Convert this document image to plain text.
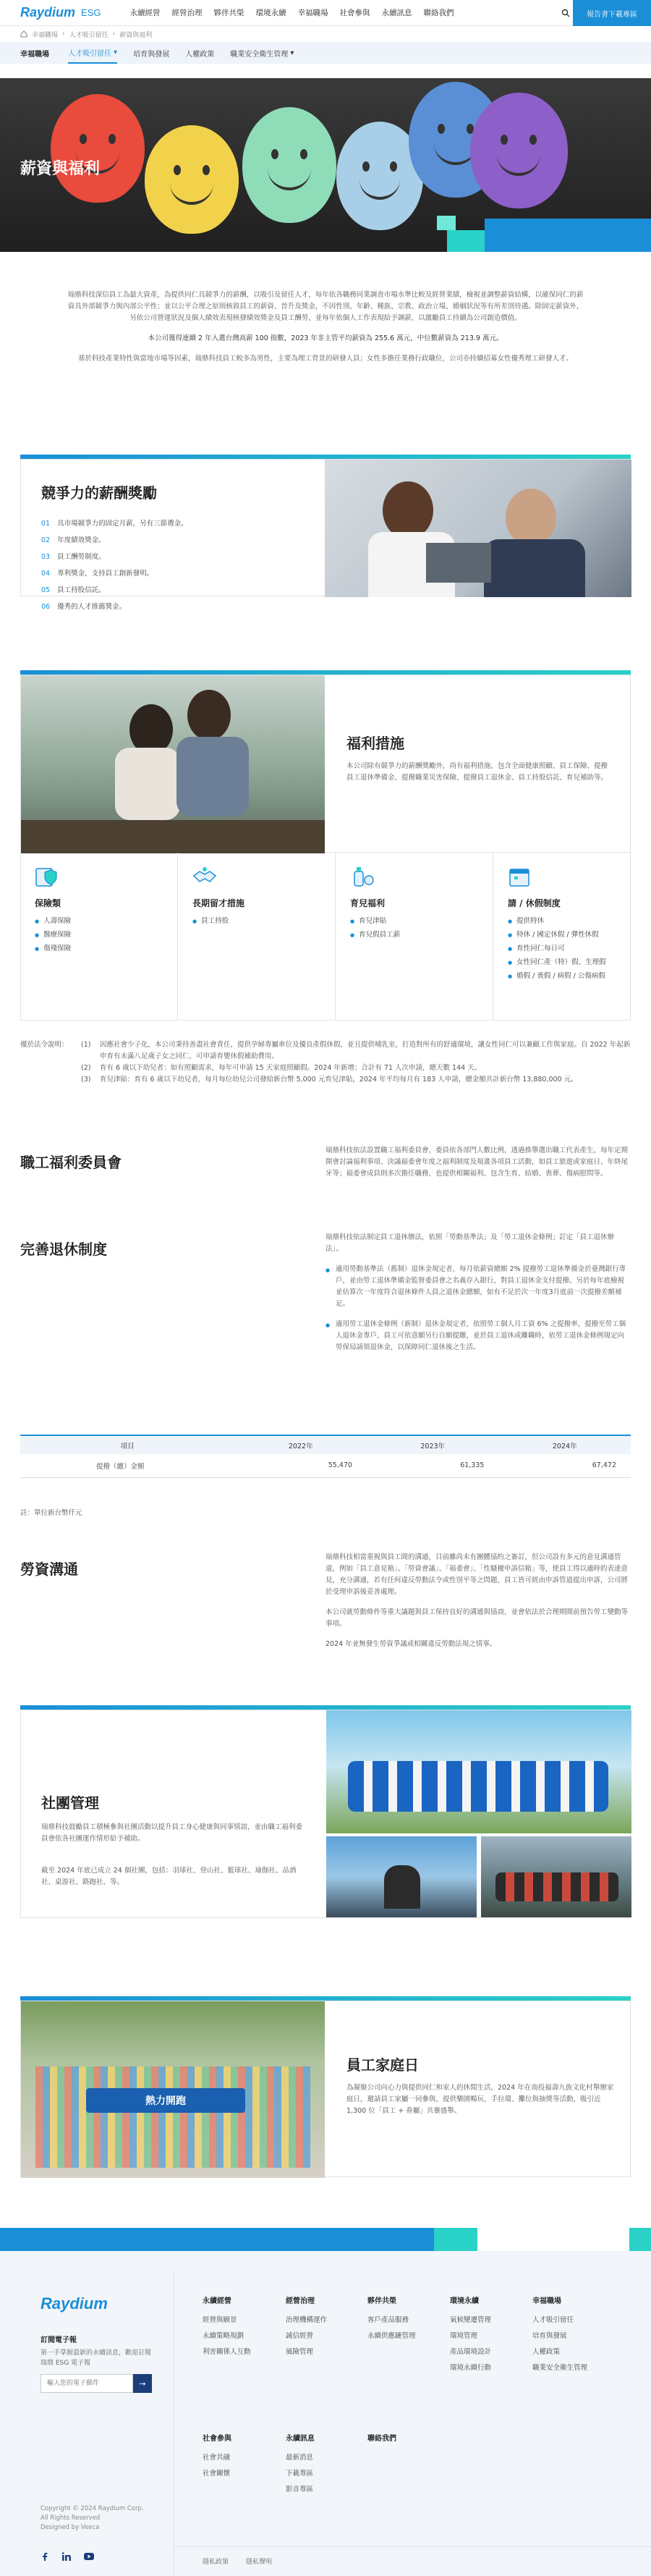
Raydium ESG	永續經營 經營治理 夥伴共榮 環境永續 幸福職場 社會參與 永續訊息 聯絡我們	報告書下載專區
幸福職場 › 人才吸引留任 › 薪資與福利
幸福職場	人才吸引留任 ▾ 培育與發展 人權政策 職業安全衛生管理 ▾
薪資與福利

瑞鼎科技深信員工為最大資產，為提供同仁具競爭力的薪酬，以吸引及留任人才，每年依各職務同業調查市場水準比較及經營業績，檢視並調整薪資結構，以確保同仁的薪資具外部競爭力與內部公平性；並以公平合理之原則核敘員工的薪資、晉升及獎金，不因性別、年齡、種族、宗教、政治立場、婚姻狀況等有所差別待遇。除固定薪資外，另依公司營運狀況及個人績效表現核發績效獎金及員工酬勞，並每年依個人工作表現給予調薪，以激勵員工持續為公司創造價值。

本公司獲得連續 2 年入選台灣高薪 100 指數，2023 年非主管平均薪資為 255.6 萬元，中位數薪資為 213.9 萬元。

基於科技產業特性與當地市場等因素，瑞鼎科技員工較多為男性，主要為理工背景的研發人員；女性多擔任業務行政職位，公司亦持續招募女性優秀理工研發人才。

競爭力的薪酬獎勵
01 具市場競爭力的固定月薪，另有三節禮金。
02 年度績效獎金。
03 員工酬勞制度。
04 專利獎金，支持員工創新發明。
05 員工持股信託。
06 優秀的人才推薦獎金。
福利措施

本公司除有競爭力的薪酬獎勵外，尚有福利措施，包含全面健康照顧、員工保險、提撥員工退休準備金、提撥職業災害保險、提撥員工退休金、員工持股信託、育兒補助等。

保險類
● 人壽保險
● 醫療保險
● 傷殘保險
長期留才措施
● 員工持股
育兒福利
● 育兒津貼
● 育兒假員工薪
請 / 休假制度
● 提供特休
● 特休 / 國定休假 / 彈性休假
● 育性同仁每日可
● 女性同仁產（特）假、生理假
● 婚假 / 喪假 / 病假 / 公傷病假
優於法令說明：	(1)	因應社會少子化，本公司秉持善盡社會責任，提供孕婦專屬車位及優良產假休假，並且提供哺乳室，打造對所有的舒適環境，讓女性同仁可以兼顧工作與家庭。自 2022 年起新申育有未滿八足歲子女之同仁，可申請育嬰休假補助費用。
(2)	育有 6 歲以下幼兒者：如有照顧需求，每年可申請 15 天家庭照顧假。2024 年新增；合計有 71 人次申請，總天數 144 天。
(3)	育兒津貼：育有 6 歲以下幼兒者，每月每位幼兒公司發給新台幣 5,000 元育兒津貼，2024 年平均每月有 183 人申請，總金額共計新台幣 13,880,000 元。
職工福利委員會

瑞鼎科技依法設置職工福利委員會，委員依各部門人數比例，透過推舉選出職工代表產生，每年定期開會討論福利事項、決議福委會年度之福利制度及規畫各項員工活動，如員工旅遊或家庭日、年終尾牙等；福委會成員則多次擔任職務，也提供相關福利、包含生育、結婚、喪葬、傷病慰問等。

完善退休制度

瑞鼎科技依法制定員工退休辦法，依照「勞動基準法」及「勞工退休金條例」訂定「員工退休辦法」。

● 適用勞動基準法（舊制）退休金規定者，每月依薪資總額 2% 提撥勞工退休準備金於臺灣銀行專戶，並由勞工退休準備金監督委員會之名義存入銀行，對員工退休金支付提撥。另於每年底檢視並估算次一年度符合退休條件人員之退休金總額，如有不足於次一年度3月底前一次提撥差額補足。

● 適用勞工退休金條例（新制）退休金規定者，依照勞工個人月工資 6% 之提撥率，提撥至勞工個人退休金專戶，員工可依意願另行自願提繳，並於員工退休或離職時，依勞工退休金條例規定向勞保局請領退休金，以保障同仁退休後之生活。

項目	2022年	2023年	2024年
提撥（繳）金額	55,470	61,335	67,472

註：單位新台幣仟元

勞資溝通

瑞鼎科技相當重視與員工間的溝通，目前雖尚未有團體協約之簽訂，但公司設有多元的意見溝通管道，例如「員工意見箱」、「勞資會議」、「福委會」、「性騷擾申訴信箱」等，使員工得以適時的表達意見，充分溝通，若有任何違反勞動法令或性別平等之問題，員工皆可經由申訴管道提出申訴，公司將於受理申訴後妥善處理。

本公司就勞動條件等重大議題與員工保持良好的溝通與協商，並會依法於合理期間前預告勞工變動等事項。

2024 年並無發生勞資爭議或相關違反勞動法規之情事。

社團管理

瑞鼎科技鼓勵員工積極參與社團活動以提升員工身心健康與同事情誼，並由職工福利委員會依各社團運作情形給予補助。

截至 2024 年底已成立 24 個社團，包括：羽球社、登山社、籃球社、瑜伽社、品酒社、桌游社、路跑社、等。

熱力開跑
員工家庭日

為凝聚公司向心力與提供同仁和家人的休閒生活，2024 年在南投福壽九族文化村舉辦家庭日，邀請員工家屬一同參與，提供樂園暢玩、手拉環、攤位與抽獎等活動，吸引近 1,300 位「員工 + 眷屬」共襄盛舉。

Raydium
訂閱電子報
第一手掌握最新的永續訊息，歡迎訂閱瑞鼎 ESG 電子報
輸入您的電子郵件
→
永續經營
經營與願景
永續策略規劃
利害關係人互動
經營治理
治理機構運作
誠信經營
風險管理
夥伴共榮
客戶產品服務
永續供應鏈管理
環境永續
氣候變遷管理
環境管理
產品環境設計
環境永續行動
幸福職場
人才吸引留任
培育與發展
人權政策
職業安全衛生管理
社會參與
社會共融
社會關懷
永續訊息
最新消息
下載專區
影音專區
聯絡我們
Copyright © 2024 Raydium Corp.
All Rights Reserved
Designed by Veeca
隱私政策	隱私聲明
